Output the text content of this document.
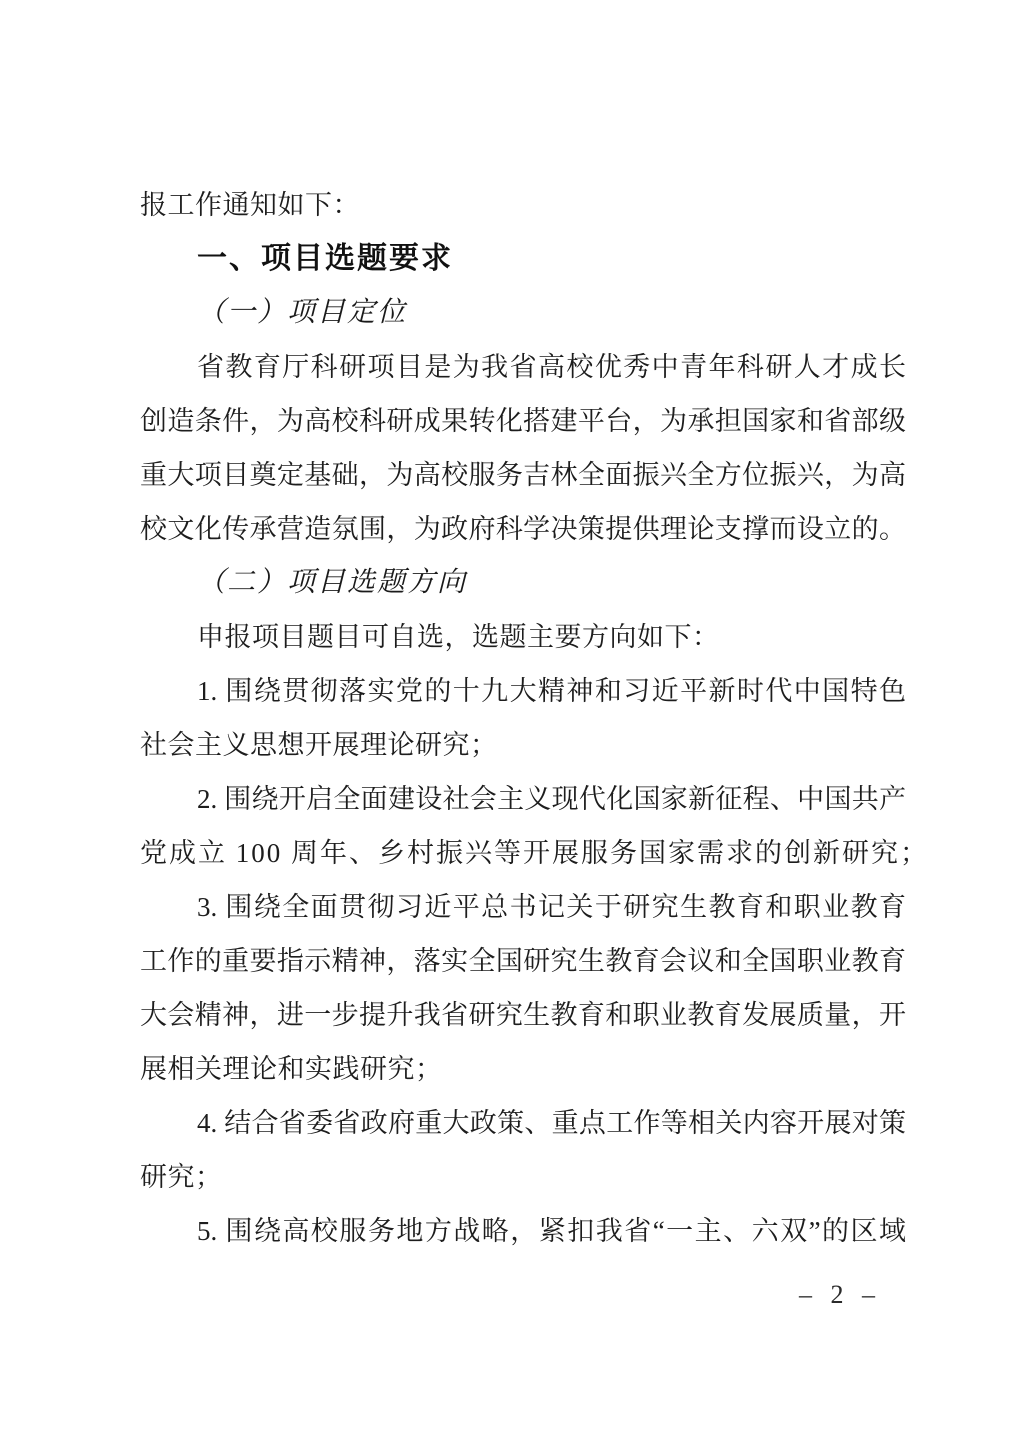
报工作通知如下：
一、项目选题要求
（一）项目定位
省教育厅科研项目是为我省高校优秀中青年科研人才成长
创造条件，为高校科研成果转化搭建平台，为承担国家和省部级
重大项目奠定基础，为高校服务吉林全面振兴全方位振兴，为高
校文化传承营造氛围，为政府科学决策提供理论支撑而设立的。
（二）项目选题方向
申报项目题目可自选，选题主要方向如下：
1. 围绕贯彻落实党的十九大精神和习近平新时代中国特色
社会主义思想开展理论研究；
2. 围绕开启全面建设社会主义现代化国家新征程、中国共产
党成立 100 周年、乡村振兴等开展服务国家需求的创新研究；
3. 围绕全面贯彻习近平总书记关于研究生教育和职业教育
工作的重要指示精神，落实全国研究生教育会议和全国职业教育
大会精神，进一步提升我省研究生教育和职业教育发展质量，开
展相关理论和实践研究；
4. 结合省委省政府重大政策、重点工作等相关内容开展对策
研究；
5. 围绕高校服务地方战略，紧扣我省“一主、六双”的区域
– 2 –
